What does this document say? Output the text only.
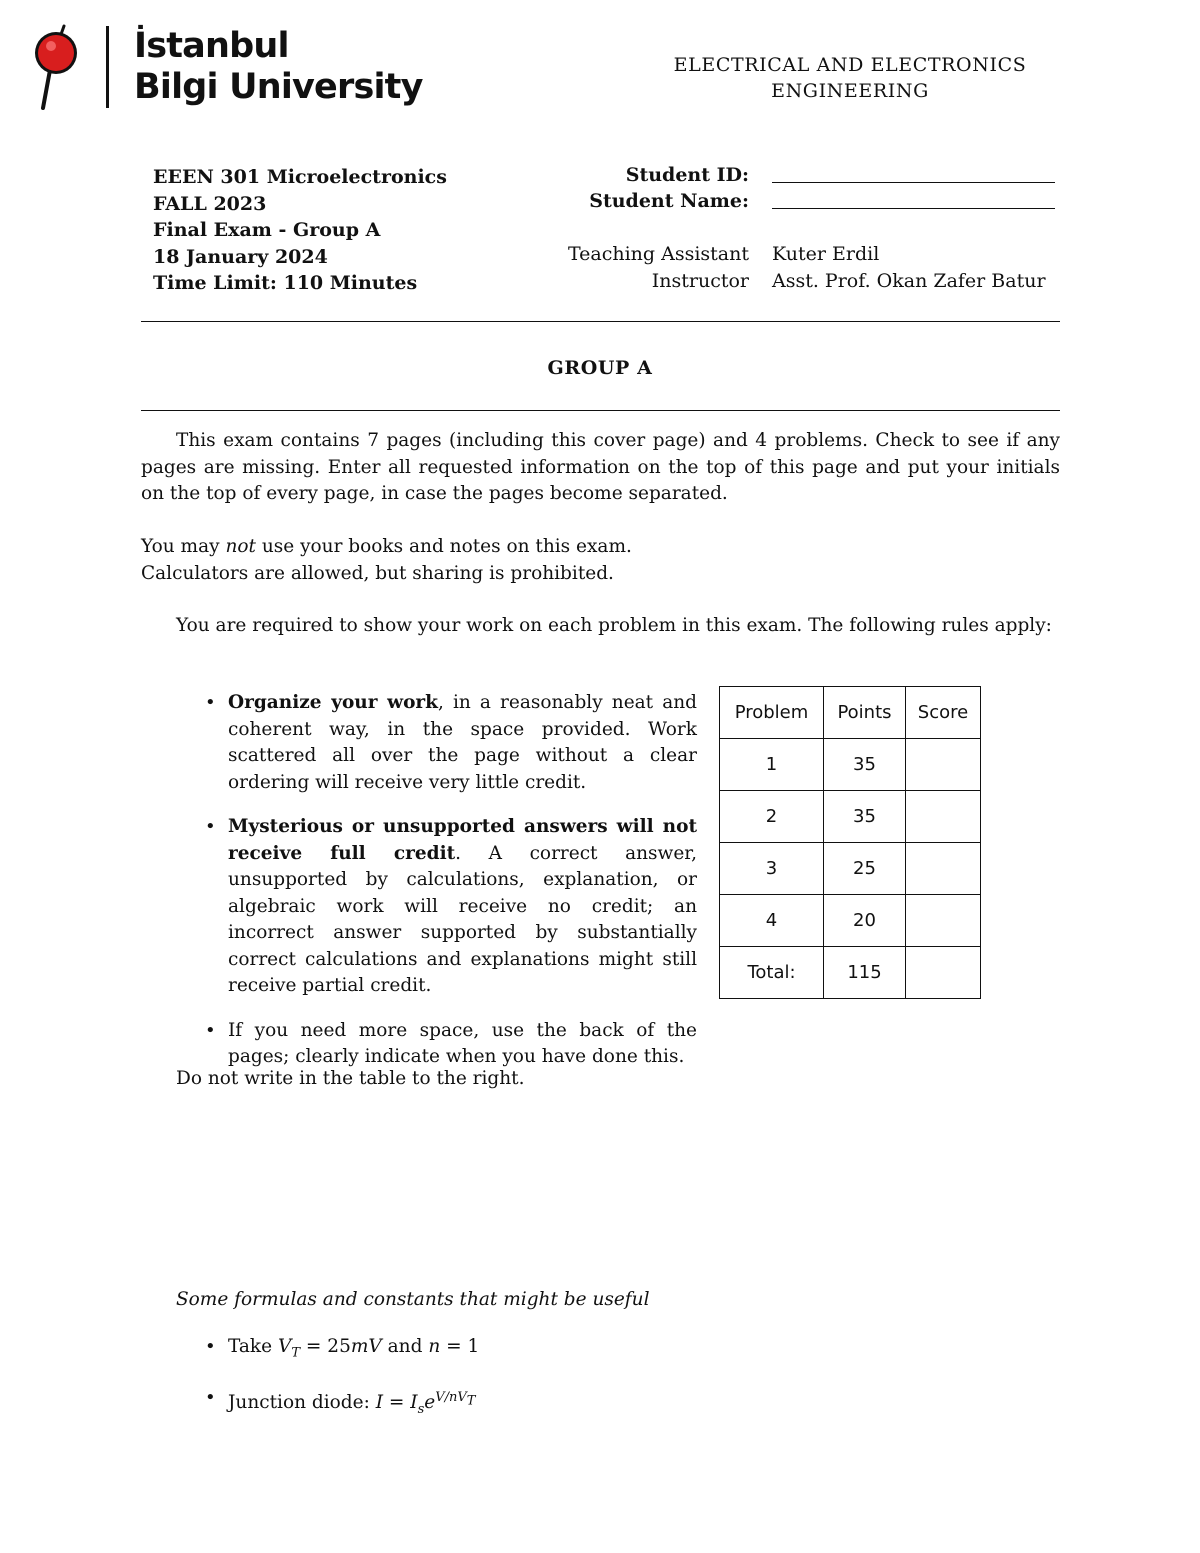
İstanbul
Bilgi University
ELECTRICAL AND ELECTRONICS
ENGINEERING
EEEN 301 Microelectronics
FALL 2023
Final Exam - Group A
18 January 2024
Time Limit: 110 Minutes
Student ID:
Student Name:
Teaching Assistant Kuter Erdil
Instructor Asst. Prof. Okan Zafer Batur
GROUP A
This exam contains 7 pages (including this cover page) and 4 problems. Check to see if any pages are missing. Enter all requested information on the top of this page and put your initials on the top of every page, in case the pages become separated.
You may not use your books and notes on this exam.
Calculators are allowed, but sharing is prohibited.
You are required to show your work on each problem in this exam. The following rules apply:
• Organize your work, in a reasonably neat and coherent way, in the space provided. Work scattered all over the page without a clear ordering will receive very little credit.
• Mysterious or unsupported answers will not receive full credit. A correct answer, unsupported by calculations, explanation, or algebraic work will receive no credit; an incorrect answer supported by substantially correct calculations and explanations might still receive partial credit.
• If you need more space, use the back of the pages; clearly indicate when you have done this.
Do not write in the table to the right.
Problem	Points	Score
1	35	
2	35	
3	25	
4	20	
Total:	115	
Some formulas and constants that might be useful
• Take $V_T = 25mV$ and n = 1
• Junction diode: $I = I_se^{V/nV_T}$
